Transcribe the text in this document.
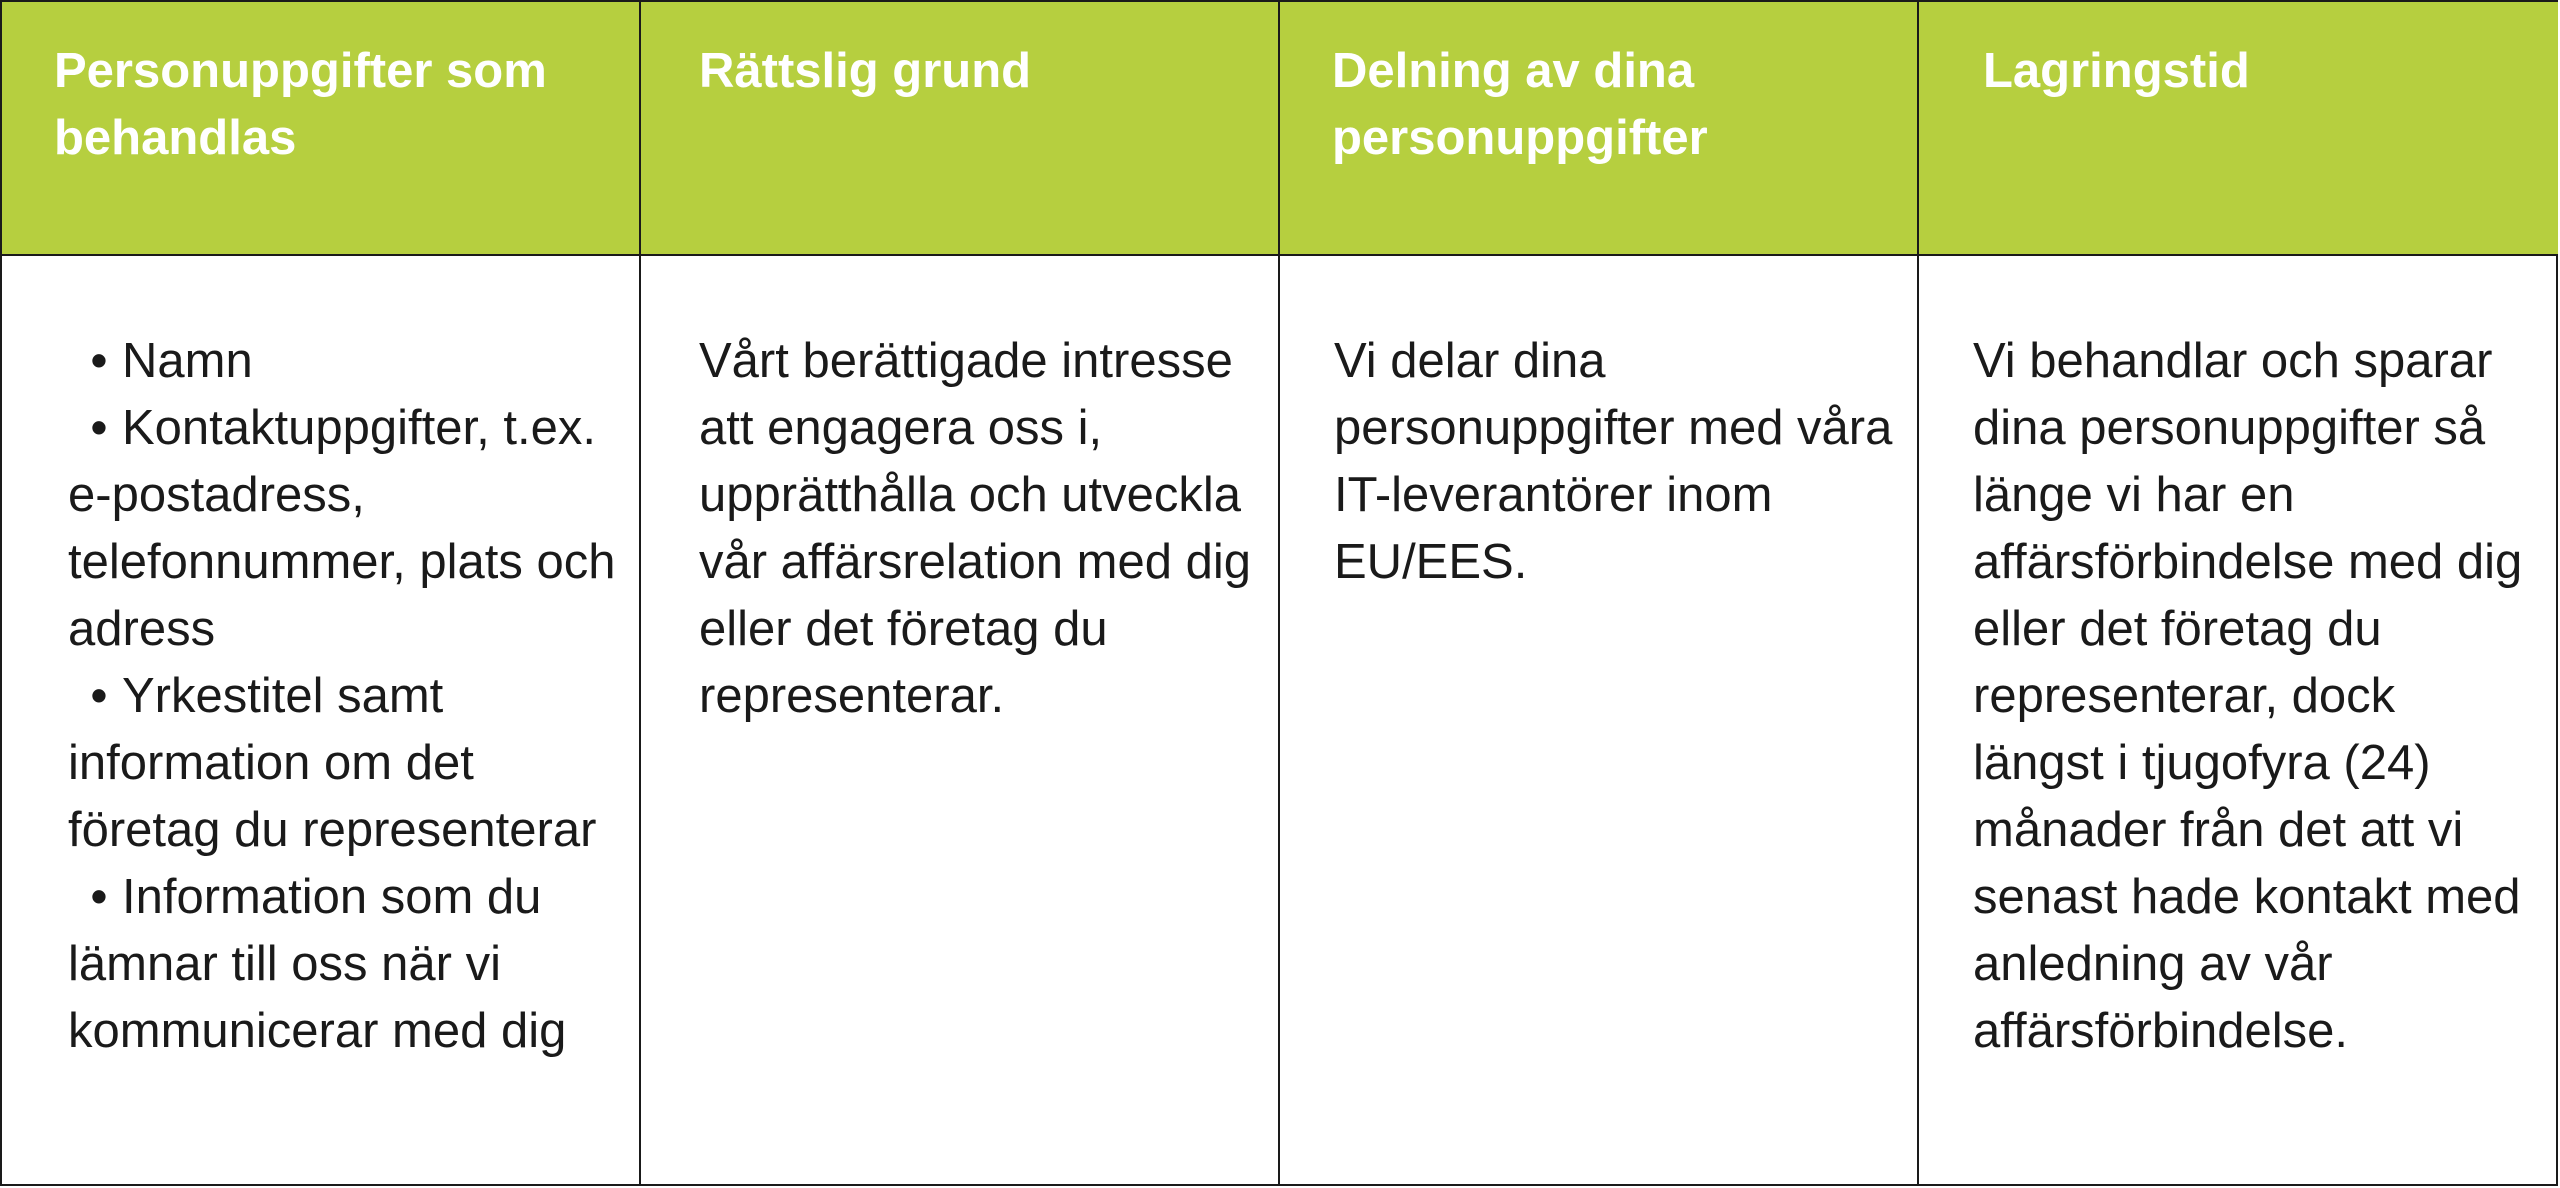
Personuppgifter som behandlas
Rättslig grund	Delning av dina personuppgifter
Lagringstid
• Namn
• Kontaktuppgifter, t.ex. e-postadress, telefonnummer, plats och adress
• Yrkestitel samt information om det företag du representerar
• Information som du lämnar till oss när vi kommunicerar med dig

Vårt berättigade intresse att engagera oss i, upprätthålla och utveckla vår affärsrelation med dig eller det företag du representerar.

Vi delar dina personuppgifter med våra IT-leverantörer inom EU/EES.

Vi behandlar och sparar dina personuppgifter så länge vi har en affärsförbindelse med dig eller det företag du representerar, dock längst i tjugofyra (24) månader från det att vi senast hade kontakt med anledning av vår affärsförbindelse.
